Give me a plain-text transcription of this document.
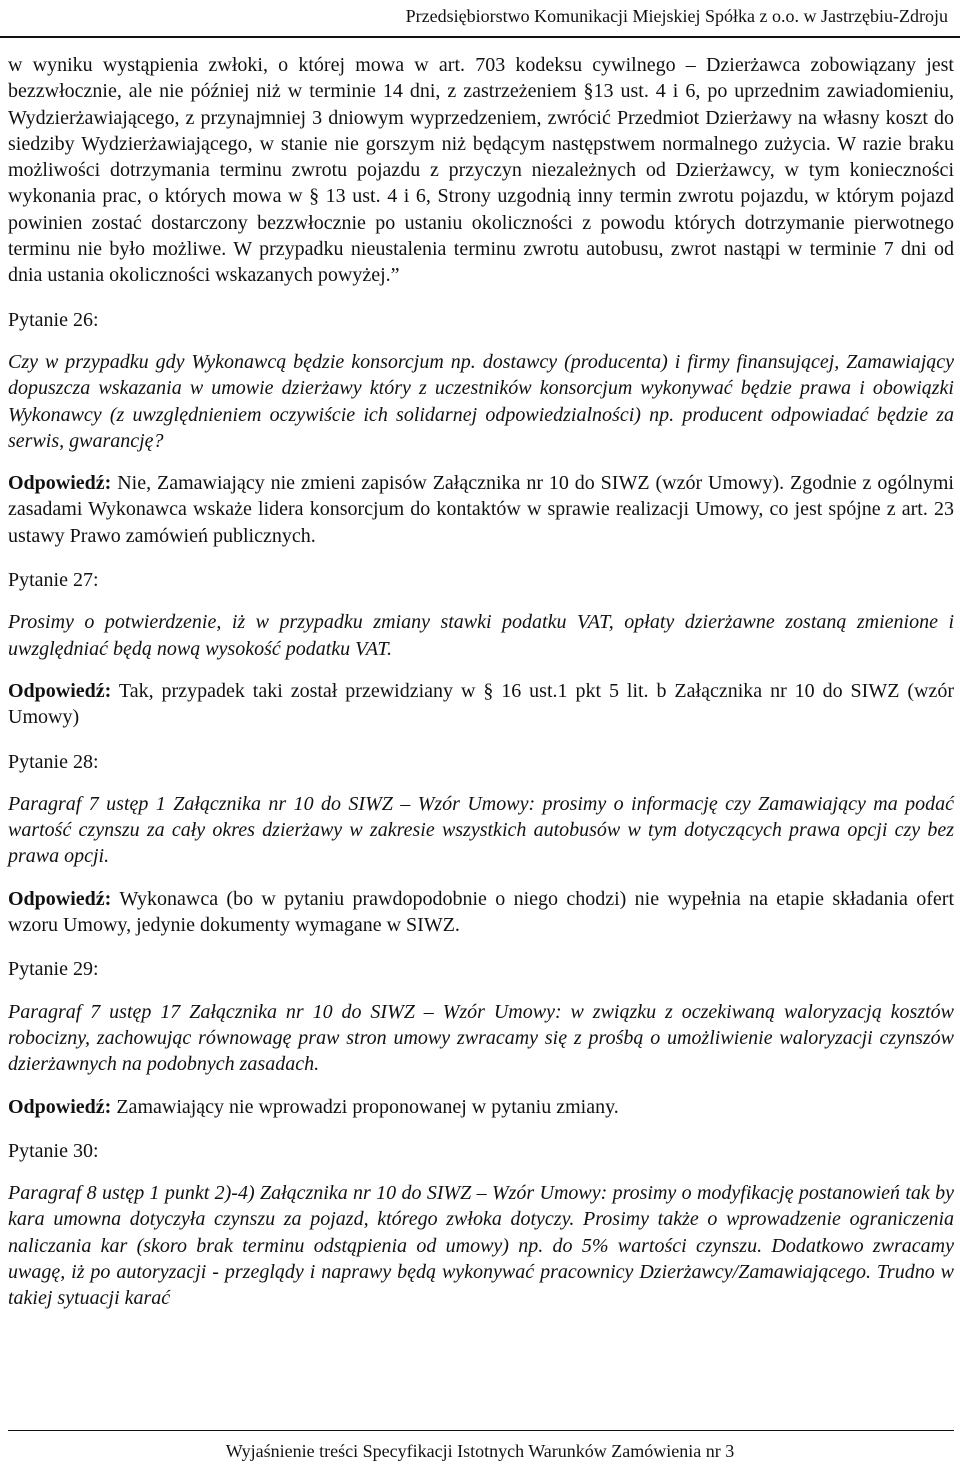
Przedsiębiorstwo Komunikacji Miejskiej Spółka z o.o. w Jastrzębiu-Zdroju

w wyniku wystąpienia zwłoki, o której mowa w art. 703 kodeksu cywilnego – Dzierżawca zobowiązany jest bezzwłocznie, ale nie później niż w terminie 14 dni, z zastrzeżeniem §13 ust. 4 i 6, po uprzednim zawiadomieniu, Wydzierżawiającego, z przynajmniej 3 dniowym wyprzedzeniem, zwrócić Przedmiot Dzierżawy na własny koszt do siedziby Wydzierżawiającego, w stanie nie gorszym niż będącym następstwem normalnego zużycia. W razie braku możliwości dotrzymania terminu zwrotu pojazdu z przyczyn niezależnych od Dzierżawcy, w tym konieczności wykonania prac, o których mowa w § 13 ust. 4 i 6, Strony uzgodnią inny termin zwrotu pojazdu, w którym pojazd powinien zostać dostarczony bezzwłocznie po ustaniu okoliczności z powodu których dotrzymanie pierwotnego terminu nie było możliwe. W przypadku nieustalenia terminu zwrotu autobusu, zwrot nastąpi w terminie 7 dni od dnia ustania okoliczności wskazanych powyżej.”

Pytanie 26:

Czy w przypadku gdy Wykonawcą będzie konsorcjum np. dostawcy (producenta) i firmy finansującej, Zamawiający dopuszcza wskazania w umowie dzierżawy który z uczestników konsorcjum wykonywać będzie prawa i obowiązki Wykonawcy (z uwzględnieniem oczywiście ich solidarnej odpowiedzialności) np. producent odpowiadać będzie za serwis, gwarancję?

Odpowiedź: Nie, Zamawiający nie zmieni zapisów Załącznika nr 10 do SIWZ (wzór Umowy). Zgodnie z ogólnymi zasadami Wykonawca wskaże lidera konsorcjum do kontaktów w sprawie realizacji Umowy, co jest spójne z art. 23 ustawy Prawo zamówień publicznych.

Pytanie 27:

Prosimy o potwierdzenie, iż w przypadku zmiany stawki podatku VAT, opłaty dzierżawne zostaną zmienione i uwzględniać będą nową wysokość podatku VAT.

Odpowiedź: Tak, przypadek taki został przewidziany w § 16 ust.1 pkt 5 lit. b Załącznika nr 10 do SIWZ (wzór Umowy)

Pytanie 28:

Paragraf 7 ustęp 1 Załącznika nr 10 do SIWZ – Wzór Umowy: prosimy o informację czy Zamawiający ma podać wartość czynszu za cały okres dzierżawy w zakresie wszystkich autobusów w tym dotyczących prawa opcji czy bez prawa opcji.

Odpowiedź: Wykonawca (bo w pytaniu prawdopodobnie o niego chodzi) nie wypełnia na etapie składania ofert wzoru Umowy, jedynie dokumenty wymagane w SIWZ.

Pytanie 29:

Paragraf 7 ustęp 17 Załącznika nr 10 do SIWZ – Wzór Umowy: w związku z oczekiwaną waloryzacją kosztów robocizny, zachowując równowagę praw stron umowy zwracamy się z prośbą o umożliwienie waloryzacji czynszów dzierżawnych na podobnych zasadach.

Odpowiedź: Zamawiający nie wprowadzi proponowanej w pytaniu zmiany.

Pytanie 30:

Paragraf 8 ustęp 1 punkt 2)-4) Załącznika nr 10 do SIWZ – Wzór Umowy: prosimy o modyfikację postanowień tak by kara umowna dotyczyła czynszu za pojazd, którego zwłoka dotyczy. Prosimy także o wprowadzenie ograniczenia naliczania kar (skoro brak terminu odstąpienia od umowy) np. do 5% wartości czynszu. Dodatkowo zwracamy uwagę, iż po autoryzacji - przeglądy i naprawy będą wykonywać pracownicy Dzierżawcy/Zamawiającego. Trudno w takiej sytuacji karać

Wyjaśnienie treści Specyfikacji Istotnych Warunków Zamówienia nr 3
